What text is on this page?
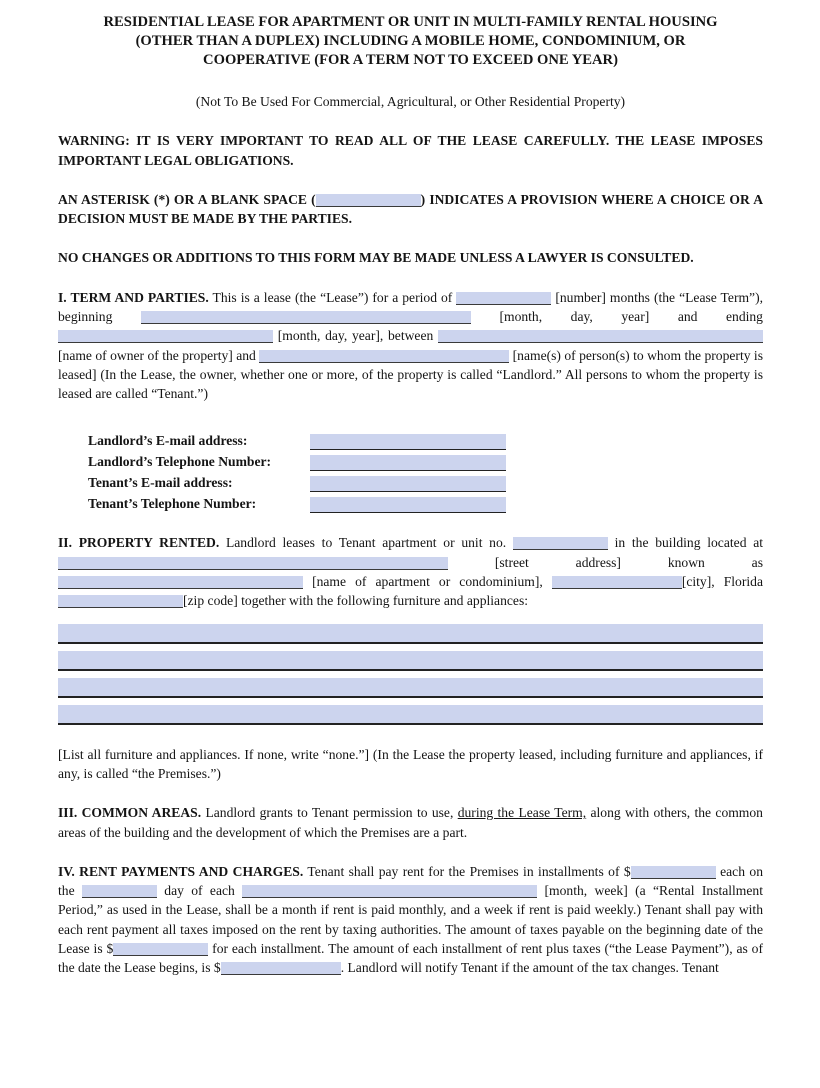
RESIDENTIAL LEASE FOR APARTMENT OR UNIT IN MULTI-FAMILY RENTAL HOUSING (OTHER THAN A DUPLEX) INCLUDING A MOBILE HOME, CONDOMINIUM, OR COOPERATIVE (FOR A TERM NOT TO EXCEED ONE YEAR)

(Not To Be Used For Commercial, Agricultural, or Other Residential Property)

WARNING: IT IS VERY IMPORTANT TO READ ALL OF THE LEASE CAREFULLY. THE LEASE IMPOSES IMPORTANT LEGAL OBLIGATIONS.

AN ASTERISK (*) OR A BLANK SPACE (	) INDICATES A PROVISION WHERE A CHOICE OR A DECISION MUST BE MADE BY THE PARTIES.

NO CHANGES OR ADDITIONS TO THIS FORM MAY BE MADE UNLESS A LAWYER IS CONSULTED.

I. TERM AND PARTIES. This is a lease (the “Lease”) for a period of	[number] months (the “Lease Term”), beginning	[month, day, year] and ending  [month, day, year], between  [name of owner of the property] and	[name(s) of person(s) to whom the property is leased] (In the Lease, the owner, whether one or more, of the property is called “Landlord.” All persons to whom the property is leased are called “Tenant.”)

Landlord’s E-mail address:
Landlord’s Telephone Number:
Tenant’s E-mail address:
Tenant’s Telephone Number:

II. PROPERTY RENTED. Landlord leases to Tenant apartment or unit no.	in the building located at  [street address] known as  [name of apartment or condominium],	[city], Florida [zip code] together with the following furniture and appliances:

[List all furniture and appliances. If none, write “none.”] (In the Lease the property leased, including furniture and appliances, if any, is called “the Premises.”)

III. COMMON AREAS. Landlord grants to Tenant permission to use, during the Lease Term, along with others, the common areas of the building and the development of which the Premises are a part.

IV. RENT PAYMENTS AND CHARGES. Tenant shall pay rent for the Premises in installments of $	each on the	day of each	[month, week] (a “Rental Installment Period,” as used in the Lease, shall be a month if rent is paid monthly, and a week if rent is paid weekly.) Tenant shall pay with each rent payment all taxes imposed on the rent by taxing authorities. The amount of taxes payable on the beginning date of the Lease is $	for each installment. The amount of each installment of rent plus taxes (“the Lease Payment”), as of the date the Lease begins, is $	. Landlord will notify Tenant if the amount of the tax changes. Tenant
